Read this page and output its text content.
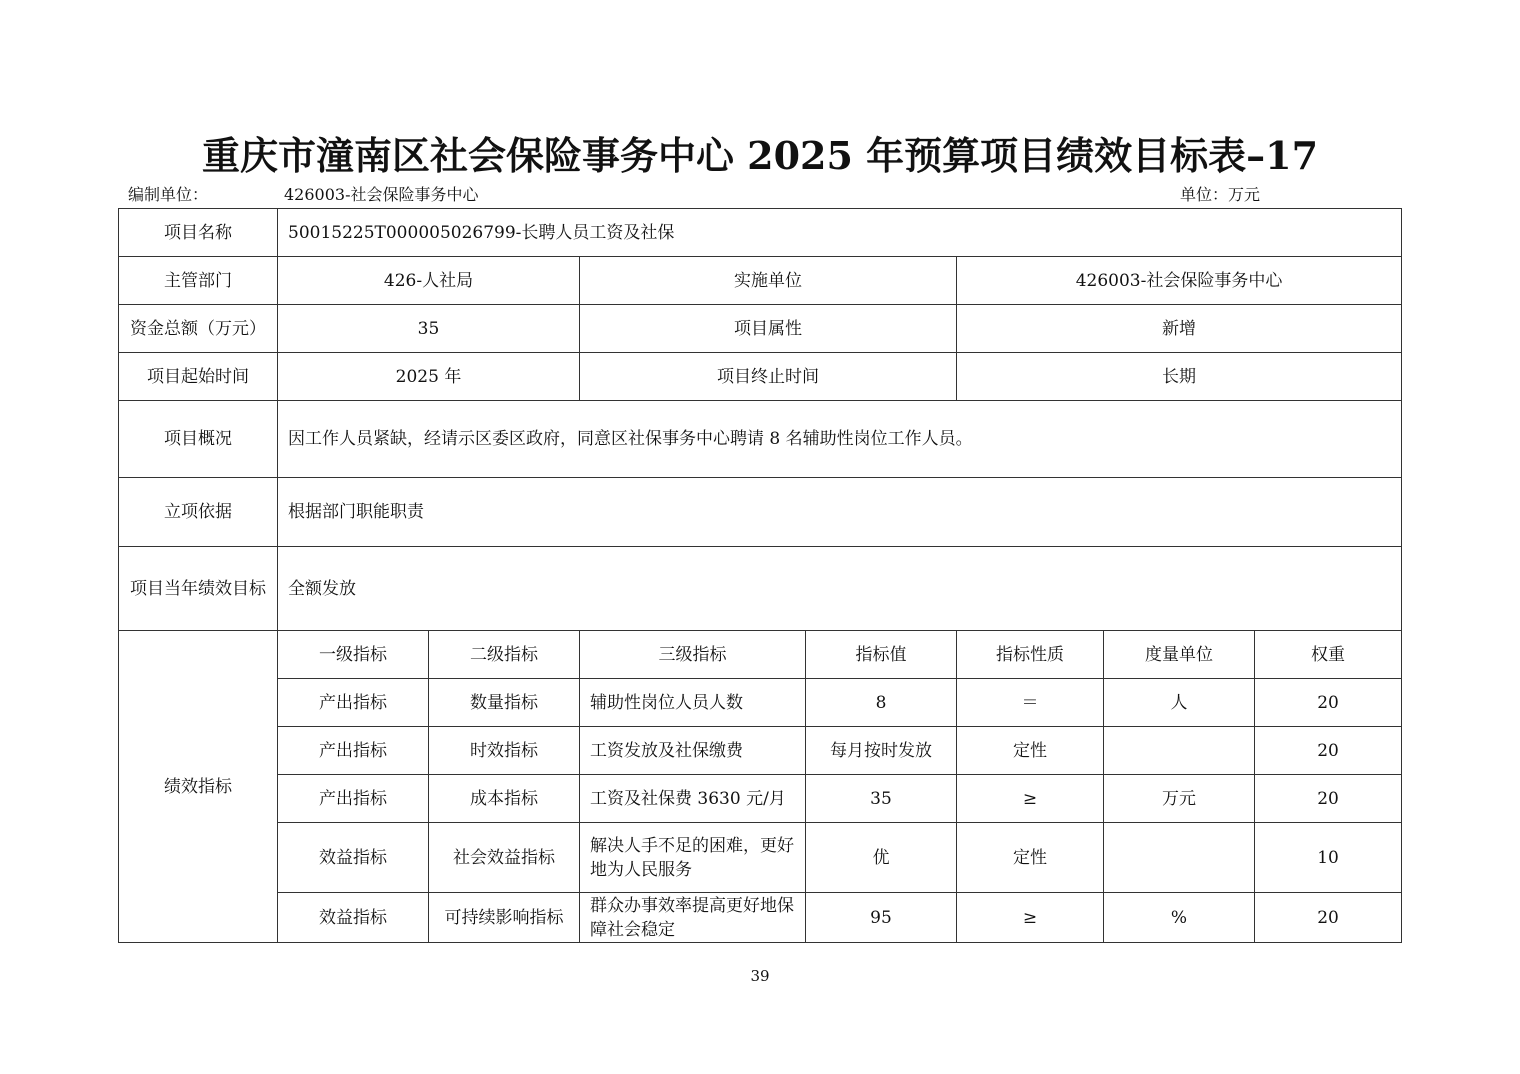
重庆市潼南区社会保险事务中心 2025 年预算项目绩效目标表–17
编制单位：	426003-社会保险事务中心	单位：万元
项目名称	50015225T000005026799-长聘人员工资及社保						
主管部门	426-人社局		实施单位		426003-社会保险事务中心		
资金总额（万元）	35		项目属性		新增		
项目起始时间	2025 年		项目终止时间		长期		
项目概况	因工作人员紧缺，经请示区委区政府，同意区社保事务中心聘请 8 名辅助性岗位工作人员。						
立项依据	根据部门职能职责						
项目当年绩效目标	全额发放						
绩效指标	一级指标	二级指标	三级指标	指标值	指标性质	度量单位	权重
	产出指标	数量指标	辅助性岗位人员人数	8	＝	人	20
	产出指标	时效指标	工资发放及社保缴费	每月按时发放	定性		20
	产出指标	成本指标	工资及社保费 3630 元/月	35	≥	万元	20
	效益指标	社会效益指标	解决人手不足的困难，更好地为人民服务	优	定性		10
	效益指标	可持续影响指标	群众办事效率提高更好地保障社会稳定	95	≥	%	20
39
